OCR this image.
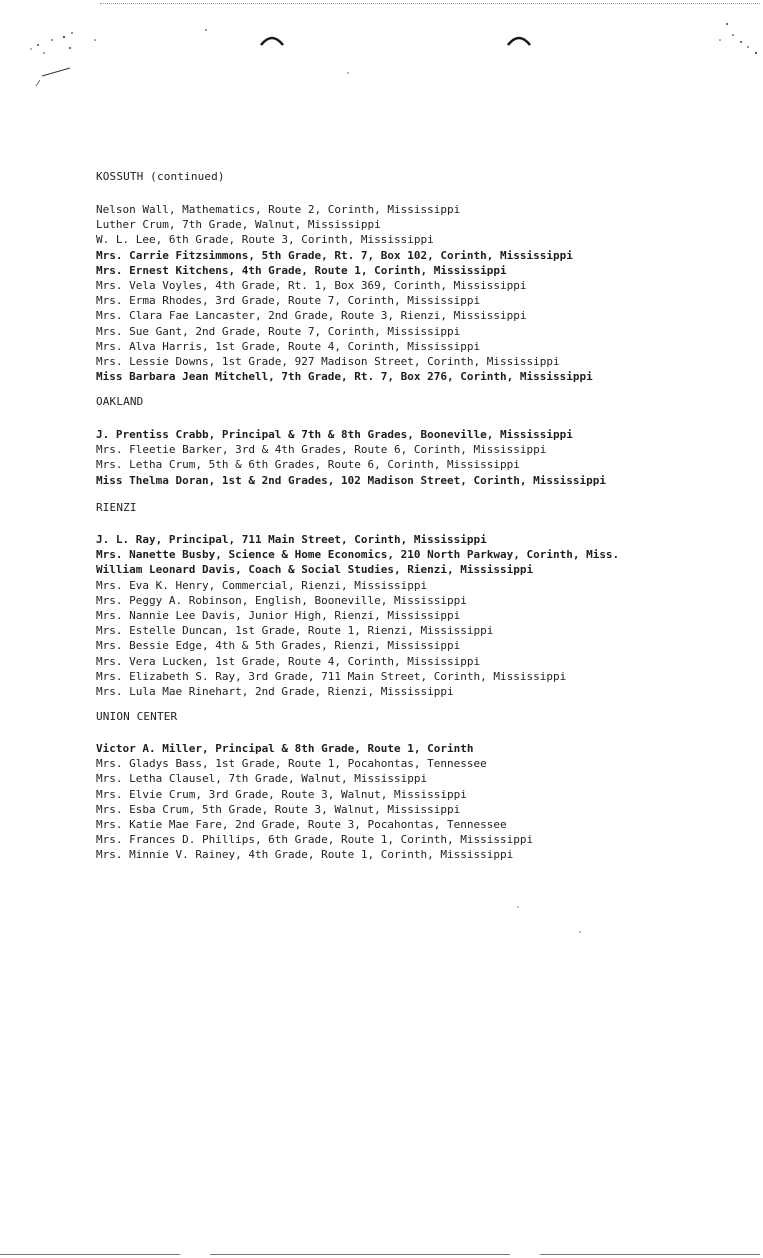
KOSSUTH (continued)
Nelson Wall, Mathematics, Route 2, Corinth, Mississippi
Luther Crum, 7th Grade, Walnut, Mississippi
W. L. Lee, 6th Grade, Route 3, Corinth, Mississippi
Mrs. Carrie Fitzsimmons, 5th Grade, Rt. 7, Box 102, Corinth, Mississippi
Mrs. Ernest Kitchens, 4th Grade, Route 1, Corinth, Mississippi
Mrs. Vela Voyles, 4th Grade, Rt. 1, Box 369, Corinth, Mississippi
Mrs. Erma Rhodes, 3rd Grade, Route 7, Corinth, Mississippi
Mrs. Clara Fae Lancaster, 2nd Grade, Route 3, Rienzi, Mississippi
Mrs. Sue Gant, 2nd Grade, Route 7, Corinth, Mississippi
Mrs. Alva Harris, 1st Grade, Route 4, Corinth, Mississippi
Mrs. Lessie Downs, 1st Grade, 927 Madison Street, Corinth, Mississippi
Miss Barbara Jean Mitchell, 7th Grade, Rt. 7, Box 276, Corinth, Mississippi
OAKLAND
J. Prentiss Crabb, Principal & 7th & 8th Grades, Booneville, Mississippi
Mrs. Fleetie Barker, 3rd & 4th Grades, Route 6, Corinth, Mississippi
Mrs. Letha Crum, 5th & 6th Grades, Route 6, Corinth, Mississippi
Miss Thelma Doran, 1st & 2nd Grades, 102 Madison Street, Corinth, Mississippi
RIENZI
J. L. Ray, Principal, 711 Main Street, Corinth, Mississippi
Mrs. Nanette Busby, Science & Home Economics, 210 North Parkway, Corinth, Miss.
William Leonard Davis, Coach & Social Studies, Rienzi, Mississippi
Mrs. Eva K. Henry, Commercial, Rienzi, Mississippi
Mrs. Peggy A. Robinson, English, Booneville, Mississippi
Mrs. Nannie Lee Davis, Junior High, Rienzi, Mississippi
Mrs. Estelle Duncan, 1st Grade, Route 1, Rienzi, Mississippi
Mrs. Bessie Edge, 4th & 5th Grades, Rienzi, Mississippi
Mrs. Vera Lucken, 1st Grade, Route 4, Corinth, Mississippi
Mrs. Elizabeth S. Ray, 3rd Grade, 711 Main Street, Corinth, Mississippi
Mrs. Lula Mae Rinehart, 2nd Grade, Rienzi, Mississippi
UNION CENTER
Victor A. Miller, Principal & 8th Grade, Route 1, Corinth
Mrs. Gladys Bass, 1st Grade, Route 1, Pocahontas, Tennessee
Mrs. Letha Clausel, 7th Grade, Walnut, Mississippi
Mrs. Elvie Crum, 3rd Grade, Route 3, Walnut, Mississippi
Mrs. Esba Crum, 5th Grade, Route 3, Walnut, Mississippi
Mrs. Katie Mae Fare, 2nd Grade, Route 3, Pocahontas, Tennessee
Mrs. Frances D. Phillips, 6th Grade, Route 1, Corinth, Mississippi
Mrs. Minnie V. Rainey, 4th Grade, Route 1, Corinth, Mississippi
